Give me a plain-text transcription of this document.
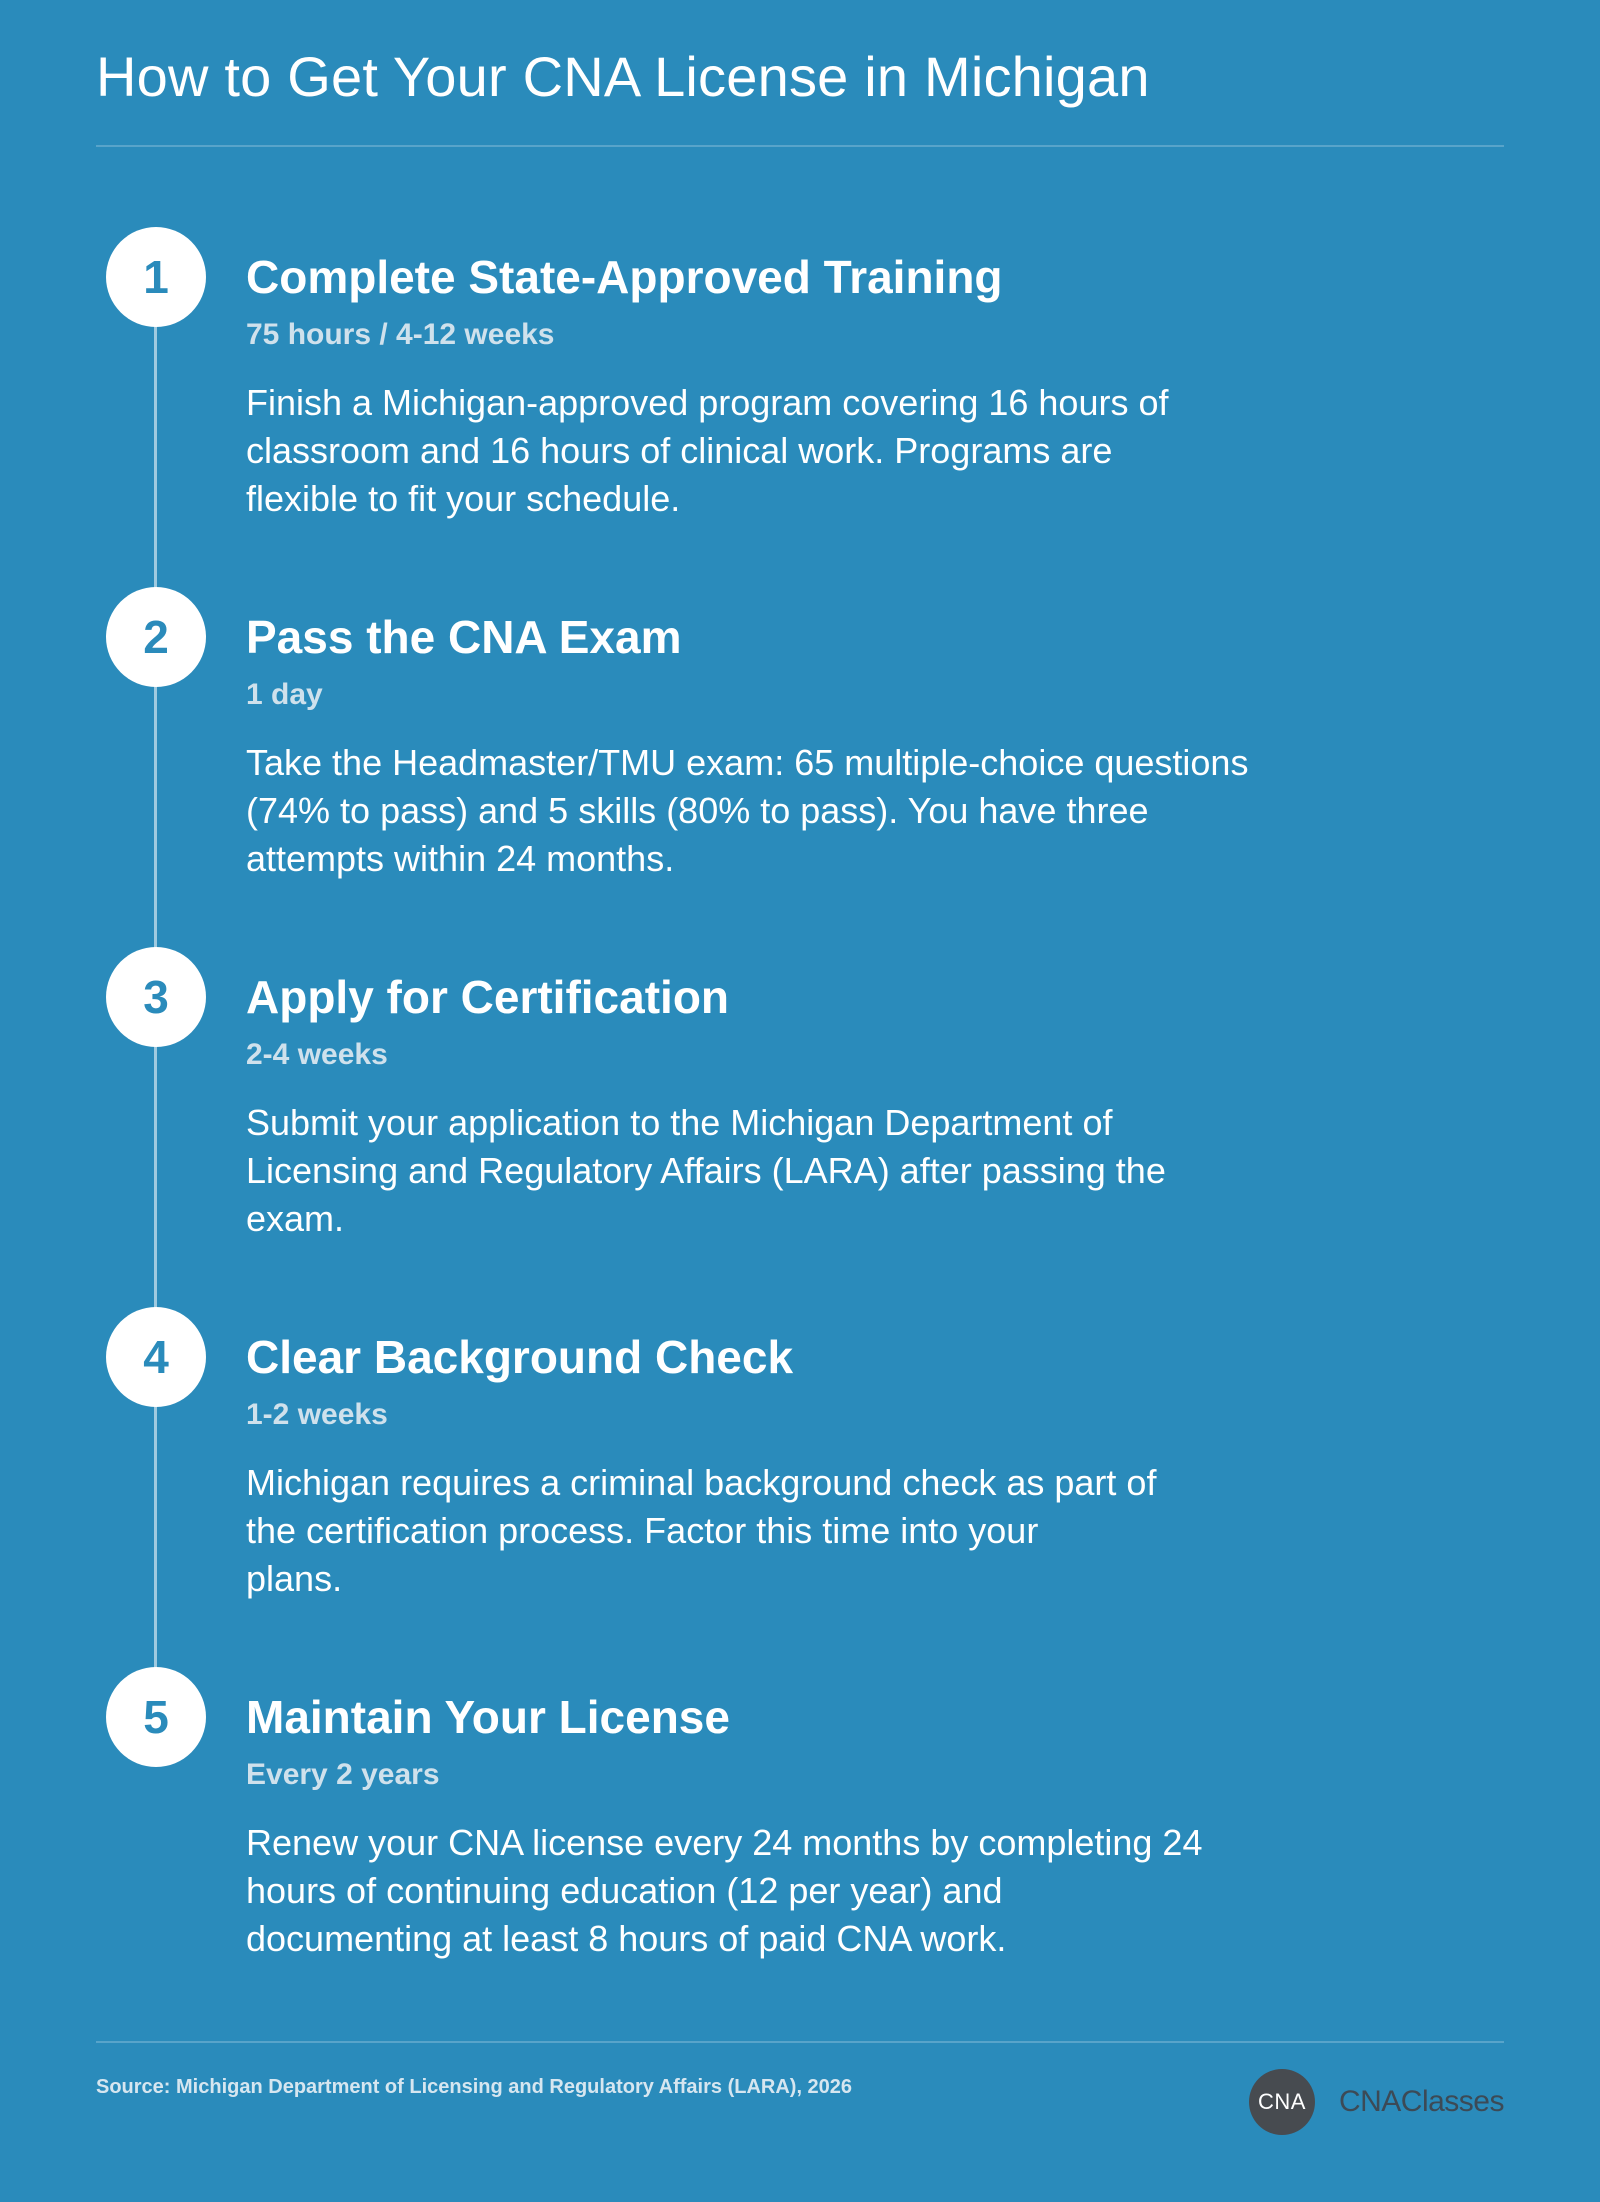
How to Get Your CNA License in Michigan
1	Complete State-Approved Training
75 hours / 4-12 weeks
Finish a Michigan-approved program covering 16 hours of
classroom and 16 hours of clinical work. Programs are
flexible to fit your schedule.
2	Pass the CNA Exam
1 day
Take the Headmaster/TMU exam: 65 multiple-choice questions
(74% to pass) and 5 skills (80% to pass). You have three
attempts within 24 months.
3	Apply for Certification
2-4 weeks
Submit your application to the Michigan Department of
Licensing and Regulatory Affairs (LARA) after passing the
exam.
4	Clear Background Check
1-2 weeks
Michigan requires a criminal background check as part of
the certification process. Factor this time into your
plans.
5	Maintain Your License
Every 2 years
Renew your CNA license every 24 months by completing 24
hours of continuing education (12 per year) and
documenting at least 8 hours of paid CNA work.
Source: Michigan Department of Licensing and Regulatory Affairs (LARA), 2026
CNA	CNAClasses
